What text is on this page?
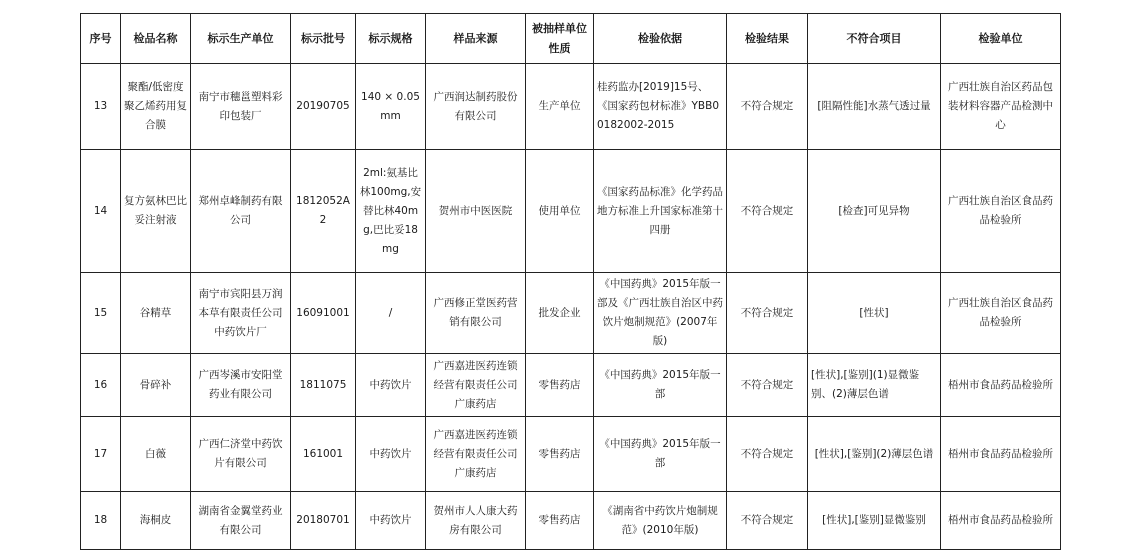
序号	检品名称	标示生产单位	标示批号	标示规格	样品来源	被抽样单位性质	检验依据	检验结果	不符合项目	检验单位
13	聚酯/低密度聚乙烯药用复合膜	南宁市穗邕塑料彩印包装厂	20190705	140 × 0.05mm	广西润达制药股份有限公司	生产单位	桂药监办[2019]15号、《国家药包材标准》YBB00182002-2015	不符合规定	[阻隔性能]水蒸气透过量	广西壮族自治区药品包装材料容器产品检测中心
14	复方氨林巴比妥注射液	郑州卓峰制药有限公司	1812052A2	2ml:氨基比林100mg,安替比林40mg,巴比妥18mg	贺州市中医医院	使用单位	《国家药品标准》化学药品地方标准上升国家标准第十四册	不符合规定	[检查]可见异物	广西壮族自治区食品药品检验所
15	谷精草	南宁市宾阳县万润本草有限责任公司中药饮片厂	16091001	/	广西修正堂医药营销有限公司	批发企业	《中国药典》2015年版一部及《广西壮族自治区中药饮片炮制规范》(2007年版)	不符合规定	[性状]	广西壮族自治区食品药品检验所
16	骨碎补	广西岑溪市安阳堂药业有限公司	1811075	中药饮片	广西嘉进医药连锁经营有限责任公司广康药店	零售药店	《中国药典》2015年版一部	不符合规定	[性状],[鉴别](1)显微鉴别、(2)薄层色谱	梧州市食品药品检验所
17	白薇	广西仁济堂中药饮片有限公司	161001	中药饮片	广西嘉进医药连锁经营有限责任公司广康药店	零售药店	《中国药典》2015年版一部	不符合规定	[性状],[鉴别](2)薄层色谱	梧州市食品药品检验所
18	海桐皮	湖南省金翼堂药业有限公司	20180701	中药饮片	贺州市人人康大药房有限公司	零售药店	《湖南省中药饮片炮制规范》(2010年版)	不符合规定	[性状],[鉴别]显微鉴别	梧州市食品药品检验所
